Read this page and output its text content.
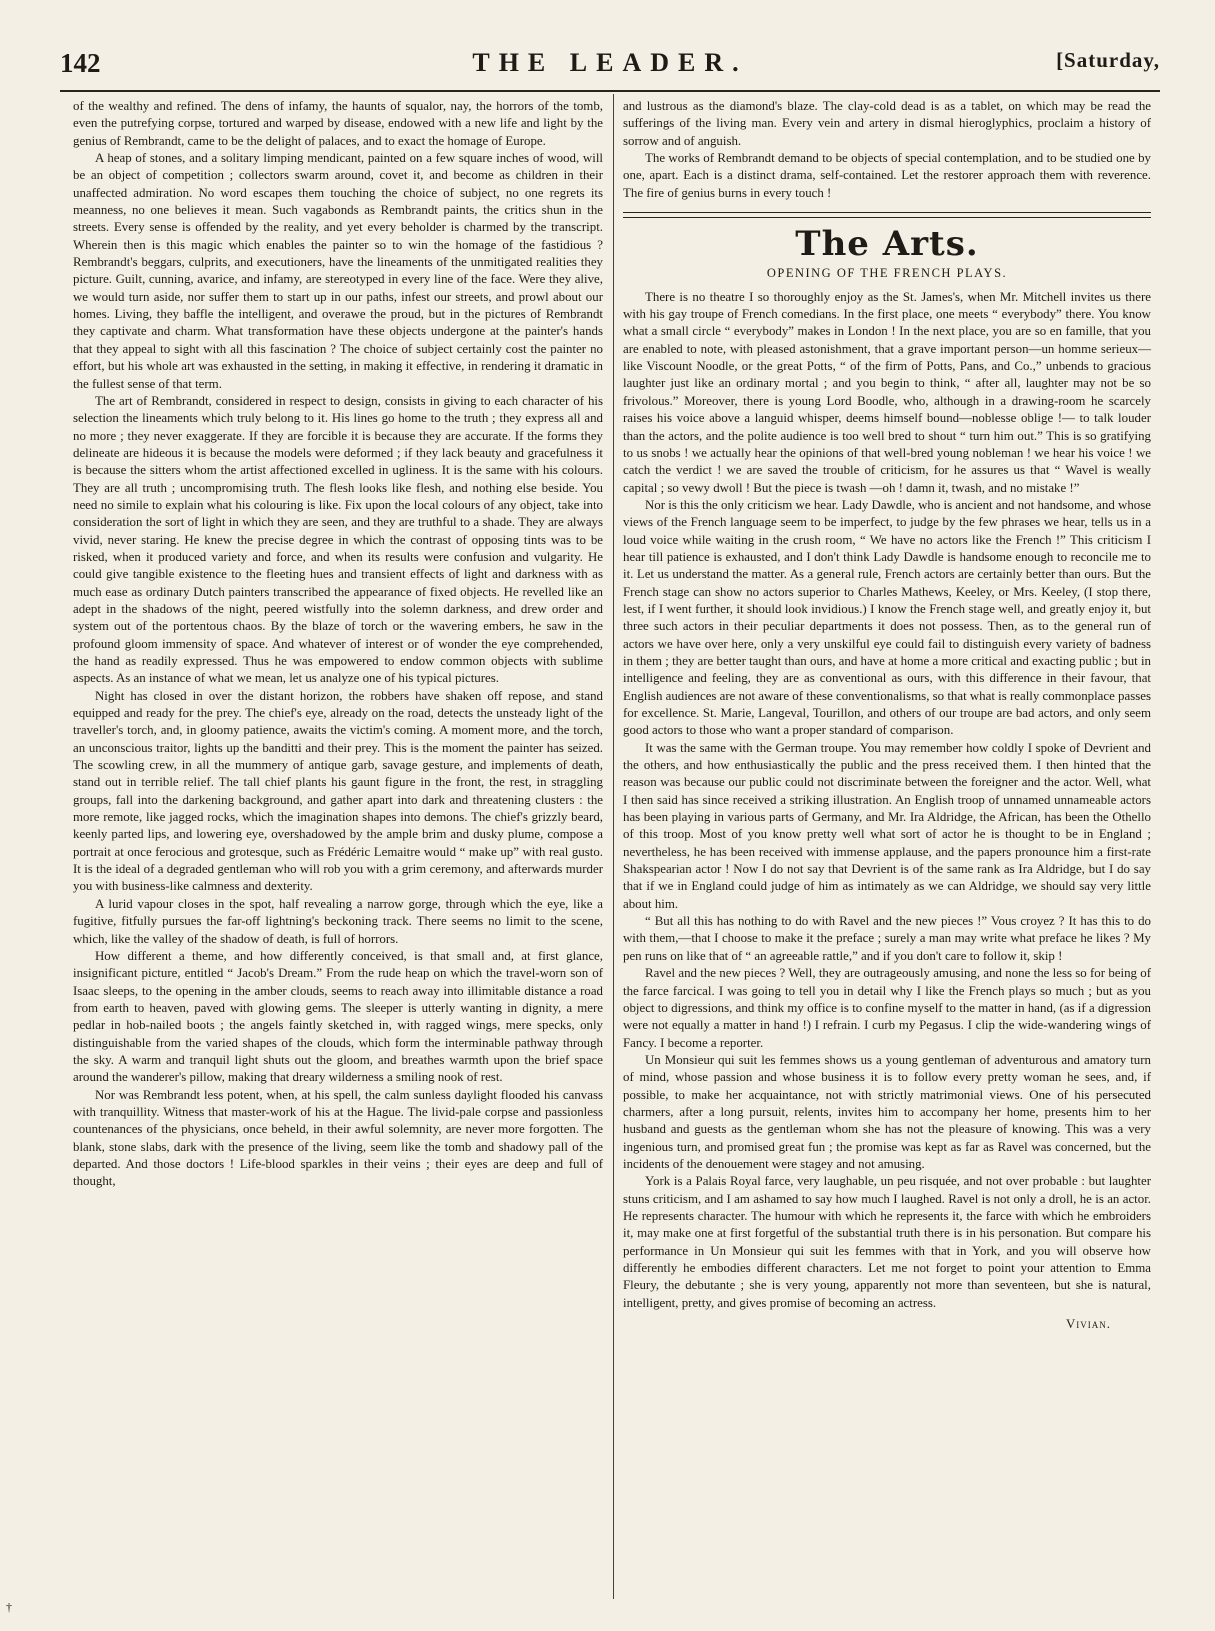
142	THE LEADER.	[Saturday,

of the wealthy and refined. The dens of infamy, the haunts of squalor, nay, the horrors of the tomb, even the putrefying corpse, tortured and warped by disease, endowed with a new life and light by the genius of Rembrandt, came to be the delight of palaces, and to exact the homage of Europe.

A heap of stones, and a solitary limping mendicant, painted on a few square inches of wood, will be an object of competition ; collectors swarm around, covet it, and become as children in their unaffected admiration. No word escapes them touching the choice of subject, no one regrets its meanness, no one believes it mean. Such vagabonds as Rembrandt paints, the critics shun in the streets. Every sense is offended by the reality, and yet every beholder is charmed by the transcript. Wherein then is this magic which enables the painter so to win the homage of the fastidious ? Rembrandt's beggars, culprits, and executioners, have the lineaments of the unmitigated realities they picture. Guilt, cunning, avarice, and infamy, are stereotyped in every line of the face. Were they alive, we would turn aside, nor suffer them to start up in our paths, infest our streets, and prowl about our homes. Living, they baffle the intelligent, and overawe the proud, but in the pictures of Rembrandt they captivate and charm. What transformation have these objects undergone at the painter's hands that they appeal to sight with all this fascination ? The choice of subject certainly cost the painter no effort, but his whole art was exhausted in the setting, in making it effective, in rendering it dramatic in the fullest sense of that term.

The art of Rembrandt, considered in respect to design, consists in giving to each character of his selection the lineaments which truly belong to it. His lines go home to the truth ; they express all and no more ; they never exaggerate. If they are forcible it is because they are accurate. If the forms they delineate are hideous it is because the models were deformed ; if they lack beauty and gracefulness it is because the sitters whom the artist affectioned excelled in ugliness. It is the same with his colours. They are all truth ; uncompromising truth. The flesh looks like flesh, and nothing else beside. You need no simile to explain what his colouring is like. Fix upon the local colours of any object, take into consideration the sort of light in which they are seen, and they are truthful to a shade. They are always vivid, never staring. He knew the precise degree in which the contrast of opposing tints was to be risked, when it produced variety and force, and when its results were confusion and vulgarity. He could give tangible existence to the fleeting hues and transient effects of light and darkness with as much ease as ordinary Dutch painters transcribed the appearance of fixed objects. He revelled like an adept in the shadows of the night, peered wistfully into the solemn darkness, and drew order and system out of the portentous chaos. By the blaze of torch or the wavering embers, he saw in the profound gloom immensity of space. And whatever of interest or of wonder the eye comprehended, the hand as readily expressed. Thus he was empowered to endow common objects with sublime aspects. As an instance of what we mean, let us analyze one of his typical pictures.

Night has closed in over the distant horizon, the robbers have shaken off repose, and stand equipped and ready for the prey. The chief's eye, already on the road, detects the unsteady light of the traveller's torch, and, in gloomy patience, awaits the victim's coming. A moment more, and the torch, an unconscious traitor, lights up the banditti and their prey. This is the moment the painter has seized. The scowling crew, in all the mummery of antique garb, savage gesture, and implements of death, stand out in terrible relief. The tall chief plants his gaunt figure in the front, the rest, in straggling groups, fall into the darkening background, and gather apart into dark and threatening clusters : the more remote, like jagged rocks, which the imagination shapes into demons. The chief's grizzly beard, keenly parted lips, and lowering eye, overshadowed by the ample brim and dusky plume, compose a portrait at once ferocious and grotesque, such as Frédéric Lemaitre would “ make up” with real gusto. It is the ideal of a degraded gentleman who will rob you with a grim ceremony, and afterwards murder you with business-like calmness and dexterity.

A lurid vapour closes in the spot, half revealing a narrow gorge, through which the eye, like a fugitive, fitfully pursues the far-off lightning's beckoning track. There seems no limit to the scene, which, like the valley of the shadow of death, is full of horrors.

How different a theme, and how differently conceived, is that small and, at first glance, insignificant picture, entitled “ Jacob's Dream.” From the rude heap on which the travel-worn son of Isaac sleeps, to the opening in the amber clouds, seems to reach away into illimitable distance a road from earth to heaven, paved with glowing gems. The sleeper is utterly wanting in dignity, a mere pedlar in hob-nailed boots ; the angels faintly sketched in, with ragged wings, mere specks, only distinguishable from the varied shapes of the clouds, which form the interminable pathway through the sky. A warm and tranquil light shuts out the gloom, and breathes warmth upon the brief space around the wanderer's pillow, making that dreary wilderness a smiling nook of rest.

Nor was Rembrandt less potent, when, at his spell, the calm sunless daylight flooded his canvass with tranquillity. Witness that master-work of his at the Hague. The livid-pale corpse and passionless countenances of the physicians, once beheld, in their awful solemnity, are never more forgotten. The blank, stone slabs, dark with the presence of the living, seem like the tomb and shadowy pall of the departed. And those doctors ! Life-blood sparkles in their veins ; their eyes are deep and full of thought,

and lustrous as the diamond's blaze. The clay-cold dead is as a tablet, on which may be read the sufferings of the living man. Every vein and artery in dismal hieroglyphics, proclaim a history of sorrow and of anguish.

The works of Rembrandt demand to be objects of special contemplation, and to be studied one by one, apart. Each is a distinct drama, self-contained. Let the restorer approach them with reverence. The fire of genius burns in every touch !

The Arts.
OPENING OF THE FRENCH PLAYS.

There is no theatre I so thoroughly enjoy as the St. James's, when Mr. Mitchell invites us there with his gay troupe of French comedians. In the first place, one meets “ everybody” there. You know what a small circle “ everybody” makes in London ! In the next place, you are so en famille, that you are enabled to note, with pleased astonishment, that a grave important person—un homme serieux—like Viscount Noodle, or the great Potts, “ of the firm of Potts, Pans, and Co.,” unbends to gracious laughter just like an ordinary mortal ; and you begin to think, “ after all, laughter may not be so frivolous.” Moreover, there is young Lord Boodle, who, although in a drawing-room he scarcely raises his voice above a languid whisper, deems himself bound—noblesse oblige !— to talk louder than the actors, and the polite audience is too well bred to shout “ turn him out.” This is so gratifying to us snobs ! we actually hear the opinions of that well-bred young nobleman ! we hear his voice ! we catch the verdict ! we are saved the trouble of criticism, for he assures us that “ Wavel is weally capital ; so vewy dwoll ! But the piece is twash —oh ! damn it, twash, and no mistake !”

Nor is this the only criticism we hear. Lady Dawdle, who is ancient and not handsome, and whose views of the French language seem to be imperfect, to judge by the few phrases we hear, tells us in a loud voice while waiting in the crush room, “ We have no actors like the French !” This criticism I hear till patience is exhausted, and I don't think Lady Dawdle is handsome enough to reconcile me to it. Let us understand the matter. As a general rule, French actors are certainly better than ours. But the French stage can show no actors superior to Charles Mathews, Keeley, or Mrs. Keeley, (I stop there, lest, if I went further, it should look invidious.) I know the French stage well, and greatly enjoy it, but three such actors in their peculiar departments it does not possess. Then, as to the general run of actors we have over here, only a very unskilful eye could fail to distinguish every variety of badness in them ; they are better taught than ours, and have at home a more critical and exacting public ; but in intelligence and feeling, they are as conventional as ours, with this difference in their favour, that English audiences are not aware of these conventionalisms, so that what is really commonplace passes for excellence. St. Marie, Langeval, Tourillon, and others of our troupe are bad actors, and only seem good actors to those who want a proper standard of comparison.

It was the same with the German troupe. You may remember how coldly I spoke of Devrient and the others, and how enthusiastically the public and the press received them. I then hinted that the reason was because our public could not discriminate between the foreigner and the actor. Well, what I then said has since received a striking illustration. An English troop of unnamed unnameable actors has been playing in various parts of Germany, and Mr. Ira Aldridge, the African, has been the Othello of this troop. Most of you know pretty well what sort of actor he is thought to be in England ; nevertheless, he has been received with immense applause, and the papers pronounce him a first-rate Shakspearian actor ! Now I do not say that Devrient is of the same rank as Ira Aldridge, but I do say that if we in England could judge of him as intimately as we can Aldridge, we should say very little about him.

“ But all this has nothing to do with Ravel and the new pieces !” Vous croyez ? It has this to do with them,—that I choose to make it the preface ; surely a man may write what preface he likes ? My pen runs on like that of “ an agreeable rattle,” and if you don't care to follow it, skip !

Ravel and the new pieces ? Well, they are outrageously amusing, and none the less so for being of the farce farcical. I was going to tell you in detail why I like the French plays so much ; but as you object to digressions, and think my office is to confine myself to the matter in hand, (as if a digression were not equally a matter in hand !) I refrain. I curb my Pegasus. I clip the wide-wandering wings of Fancy. I become a reporter.

Un Monsieur qui suit les femmes shows us a young gentleman of adventurous and amatory turn of mind, whose passion and whose business it is to follow every pretty woman he sees, and, if possible, to make her acquaintance, not with strictly matrimonial views. One of his persecuted charmers, after a long pursuit, relents, invites him to accompany her home, presents him to her husband and guests as the gentleman whom she has not the pleasure of knowing. This was a very ingenious turn, and promised great fun ; the promise was kept as far as Ravel was concerned, but the incidents of the denouement were stagey and not amusing.

York is a Palais Royal farce, very laughable, un peu risquée, and not over probable : but laughter stuns criticism, and I am ashamed to say how much I laughed. Ravel is not only a droll, he is an actor. He represents character. The humour with which he represents it, the farce with which he embroiders it, may make one at first forgetful of the substantial truth there is in his personation. But compare his performance in Un Monsieur qui suit les femmes with that in York, and you will observe how differently he embodies different characters. Let me not forget to point your attention to Emma Fleury, the debutante ; she is very young, apparently not more than seventeen, but she is natural, intelligent, pretty, and gives promise of becoming an actress.

Vivian.
†
